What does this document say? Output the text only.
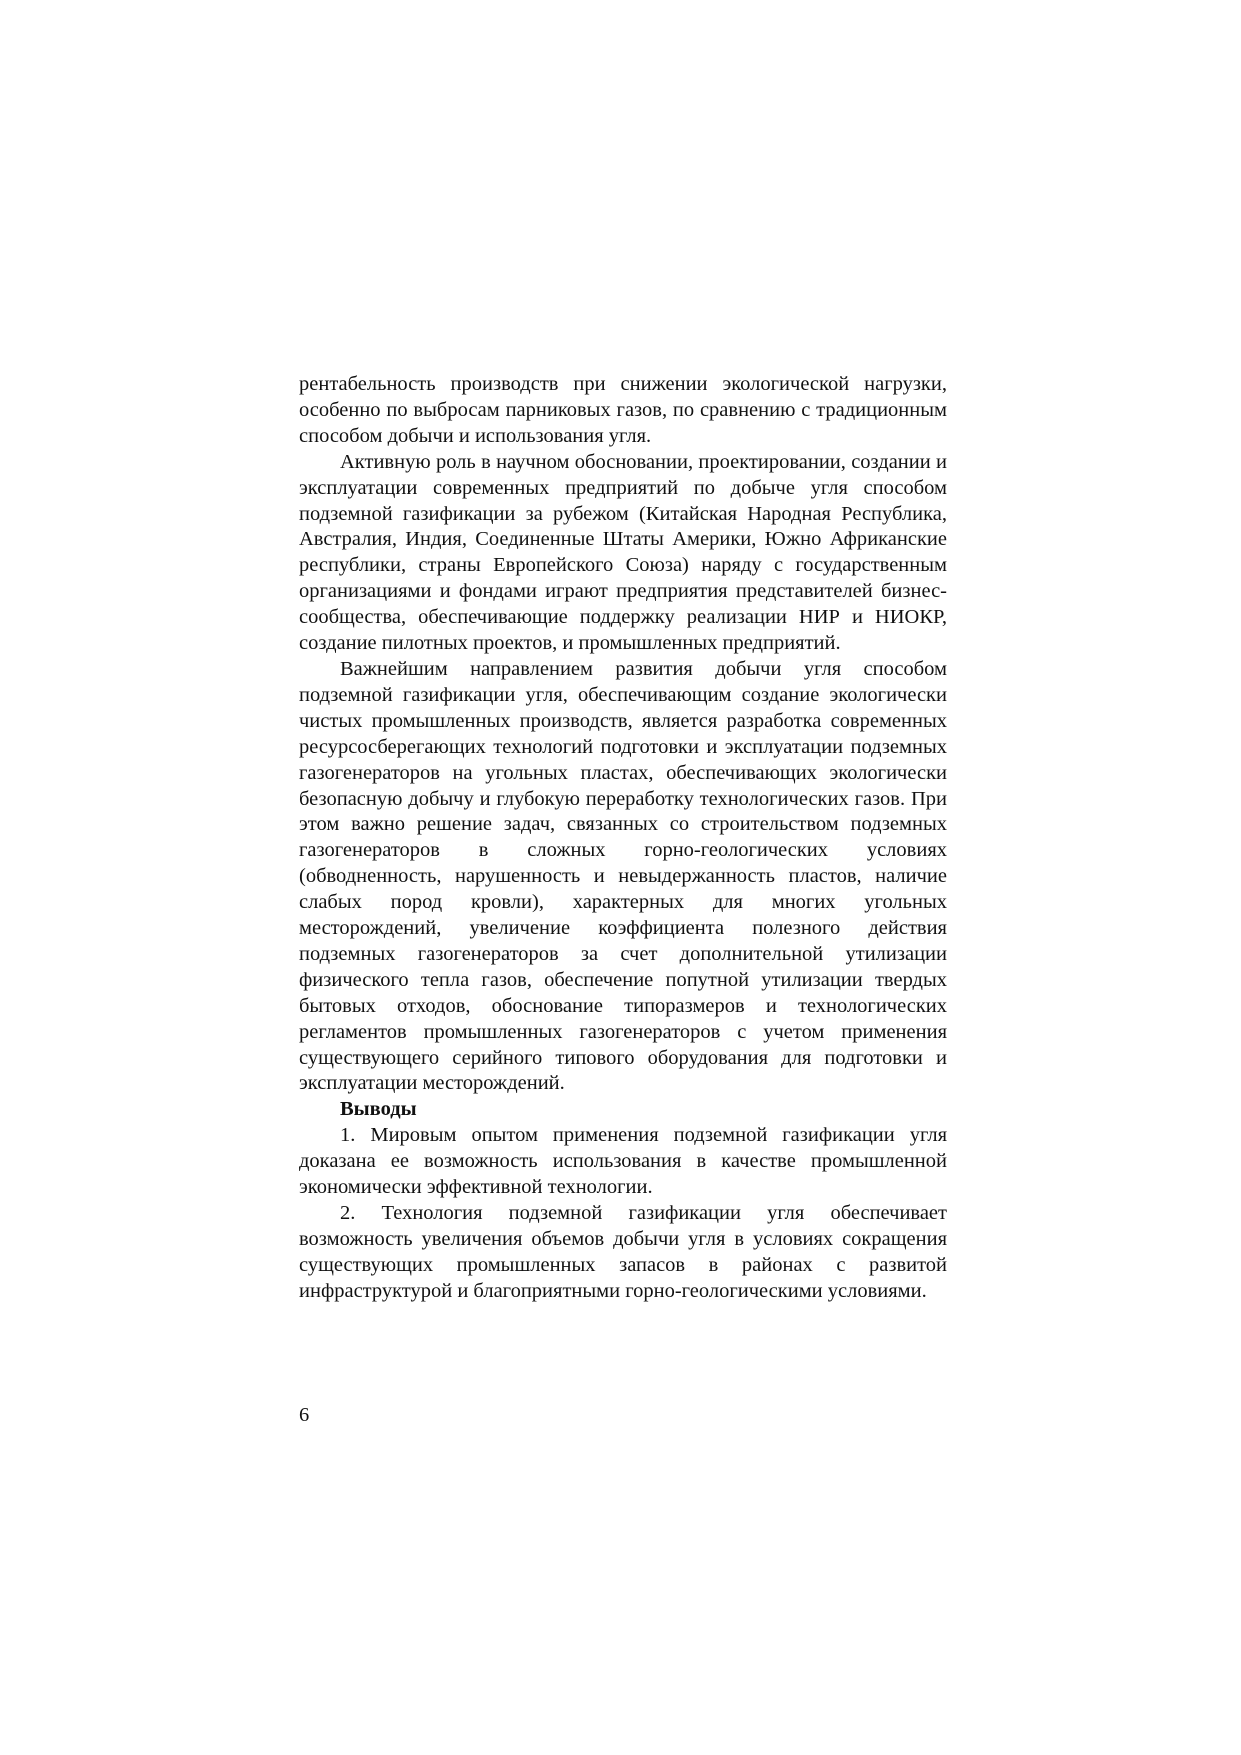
рентабельность производств при снижении экологической нагрузки, особенно по выбросам парниковых газов, по сравнению с традиционным способом добычи и использования угля.

Активную роль в научном обосновании, проектировании, создании и эксплуатации современных предприятий по добыче угля способом подземной газификации за рубежом (Китайская Народная Республика, Австралия, Индия, Соединенные Штаты Америки, Южно Африканские республики, страны Европейского Союза) наряду с государственным организациями и фондами играют предприятия представителей бизнес-сообщества, обеспечивающие поддержку реализации НИР и НИОКР, создание пилотных проектов, и промышленных предприятий.

Важнейшим направлением развития добычи угля способом подземной газификации угля, обеспечивающим создание экологически чистых промышленных производств, является разработка современных ресурсосберегающих технологий подготовки и эксплуатации подземных газогенераторов на угольных пластах, обеспечивающих экологически безопасную добычу и глубокую переработку технологических газов. При этом важно решение задач, связанных со строительством подземных газогенераторов в сложных горно-геологических условиях (обводненность, нарушенность и невыдержанность пластов, наличие слабых пород кровли), характерных для многих угольных месторождений, увеличение коэффициента полезного действия подземных газогенераторов за счет дополнительной утилизации физического тепла газов, обеспечение попутной утилизации твердых бытовых отходов, обоснование типоразмеров и технологических регламентов промышленных газогенераторов с учетом применения существующего серийного типового оборудования для подготовки и эксплуатации месторождений.

Выводы

1. Мировым опытом применения подземной газификации угля доказана ее возможность использования в качестве промышленной экономически эффективной технологии.

2. Технология подземной газификации угля обеспечивает возможность увеличения объемов добычи угля в условиях сокращения существующих промышленных запасов в районах с развитой инфраструктурой и благоприятными горно-геологическими условиями.

6
